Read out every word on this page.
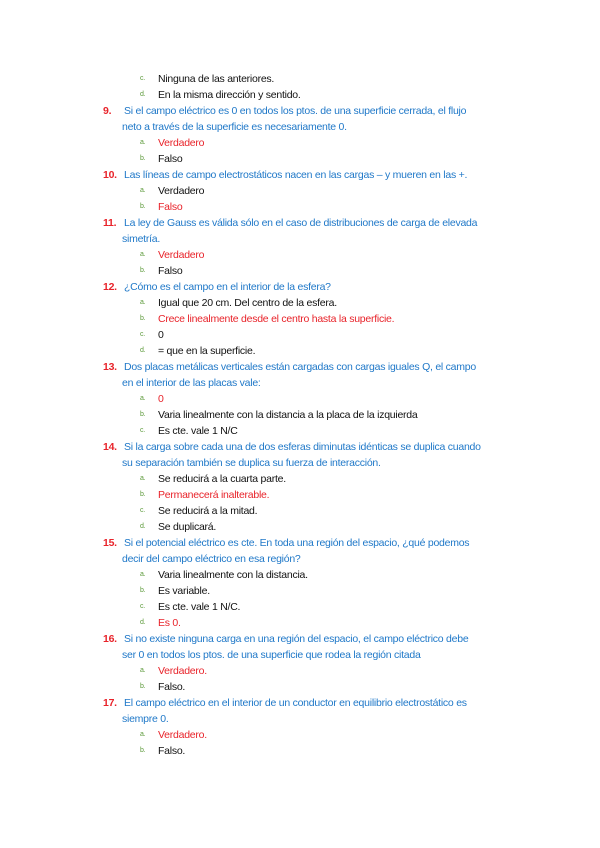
c.	Ninguna de las anteriores.
d.	En la misma dirección y sentido.
9. Si el campo eléctrico es 0 en todos los ptos. de una superficie cerrada, el flujo
neto a través de la superficie es necesariamente 0.
a.	Verdadero
b.	Falso
10. Las líneas de campo electrostáticos nacen en las cargas – y mueren en las +.
a.	Verdadero
b.	Falso
11. La ley de Gauss es válida sólo en el caso de distribuciones de carga de elevada
simetría.
a.	Verdadero
b.	Falso
12. ¿Cómo es el campo en el interior de la esfera?
a.	Igual que 20 cm. Del centro de la esfera.
b.	Crece linealmente desde el centro hasta la superficie.
c.	0
d.	= que en la superficie.
13. Dos placas metálicas verticales están cargadas con cargas iguales Q, el campo
en el interior de las placas vale:
a.	0
b.	Varia linealmente con la distancia a la placa de la izquierda
c.	Es cte. vale 1 N/C
14. Si la carga sobre cada una de dos esferas diminutas idénticas se duplica cuando
su separación también se duplica su fuerza de interacción.
a.	Se reducirá a la cuarta parte.
b.	Permanecerá inalterable.
c.	Se reducirá a la mitad.
d.	Se duplicará.
15. Si el potencial eléctrico es cte. En toda una región del espacio, ¿qué podemos
decir del campo eléctrico en esa región?
a.	Varia linealmente con la distancia.
b.	Es variable.
c.	Es cte. vale 1 N/C.
d.	Es 0.
16. Si no existe ninguna carga en una región del espacio, el campo eléctrico debe
ser 0 en todos los ptos. de una superficie que rodea la región citada
a.	Verdadero.
b.	Falso.
17. El campo eléctrico en el interior de un conductor en equilibrio electrostático es
siempre 0.
a.	Verdadero.
b.	Falso.
